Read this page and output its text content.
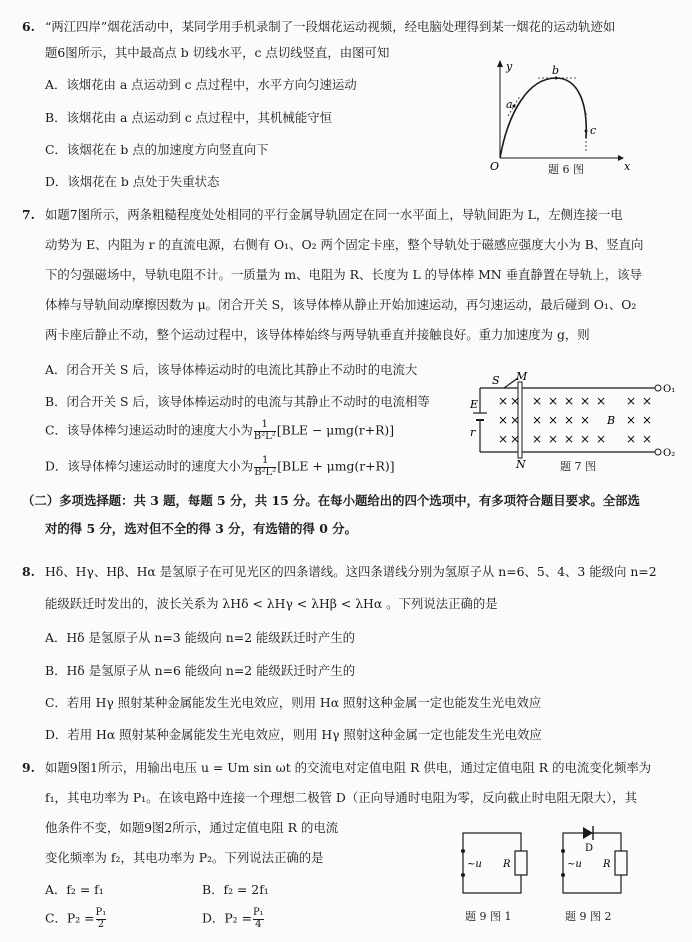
6. “两江四岸”烟花活动中，某同学用手机录制了一段烟花运动视频，经电脑处理得到某一烟花的运动轨迹如
题6图所示，其中最高点 b 切线水平，c 点切线竖直，由图可知
A．该烟花由 a 点运动到 c 点过程中，水平方向匀速运动
B．该烟花由 a 点运动到 c 点过程中，其机械能守恒
C．该烟花在 b 点的加速度方向竖直向下
D．该烟花在 b 点处于失重状态
y
x
O
a
b
c
题 6 图
7. 如题7图所示，两条粗糙程度处处相同的平行金属导轨固定在同一水平面上，导轨间距为 L，左侧连接一电
动势为 E、内阻为 r 的直流电源，右侧有 O₁、O₂ 两个固定卡座，整个导轨处于磁感应强度大小为 B、竖直向
下的匀强磁场中，导轨电阻不计。一质量为 m、电阻为 R、长度为 L 的导体棒 MN 垂直静置在导轨上，该导
体棒与导轨间动摩擦因数为 μ。闭合开关 S，该导体棒从静止开始加速运动，再匀速运动，最后碰到 O₁、O₂
两卡座后静止不动，整个运动过程中，该导体棒始终与两导轨垂直并接触良好。重力加速度为 g，则
A．闭合开关 S 后，该导体棒运动时的电流比其静止不动时的电流大
B．闭合开关 S 后，该导体棒运动时的电流与其静止不动时的电流相等
C．该导体棒匀速运动时的速度大小为 $\frac{1}{\text{B²L²}} [BLE - \mu mg(r+R)]$
D．该导体棒匀速运动时的速度大小为 $\frac{1}{\text{B²L²}} [BLE + \mu mg(r+R)]$
S M
N
E
r
O₁
O₂
B
× × × × × × × × ×
× × × × × ×	× ×
× × × × × × × × ×
题 7 图
（二）多项选择题：共 3 题，每题 5 分，共 15 分。在每小题给出的四个选项中，有多项符合题目要求。全部选
对的得 5 分，选对但不全的得 3 分，有选错的得 0 分。
8. Hδ、Hγ、Hβ、Hα 是氢原子在可见光区的四条谱线。这四条谱线分别为氢原子从 n=6、5、4、3 能级向 n=2
能级跃迁时发出的，波长关系为 λHδ < λHγ < λHβ < λHα 。下列说法正确的是
A．Hδ 是氢原子从 n=3 能级向 n=2 能级跃迁时产生的
B．Hδ 是氢原子从 n=6 能级向 n=2 能级跃迁时产生的
C．若用 Hγ 照射某种金属能发生光电效应，则用 Hα 照射这种金属一定也能发生光电效应
D．若用 Hα 照射某种金属能发生光电效应，则用 Hγ 照射这种金属一定也能发生光电效应
9. 如题9图1所示，用输出电压 u = Um sin ωt 的交流电对定值电阻 R 供电，通过定值电阻 R 的电流变化频率为
f₁，其电功率为 P₁。在该电路中连接一个理想二极管 D（正向导通时电阻为零，反向截止时电阻无限大），其
他条件不变，如题9图2所示，通过定值电阻 R 的电流
变化频率为 f₂，其电功率为 P₂。下列说法正确的是
A．f₂ = f₁	B．f₂ = 2f₁
C．$P_2 = \frac{\text{P₁}}{2}$	D．$P_2 = \frac{\text{P₁}}{4}$
~u R
题 9 图 1
D
~u R
题 9 图 2
